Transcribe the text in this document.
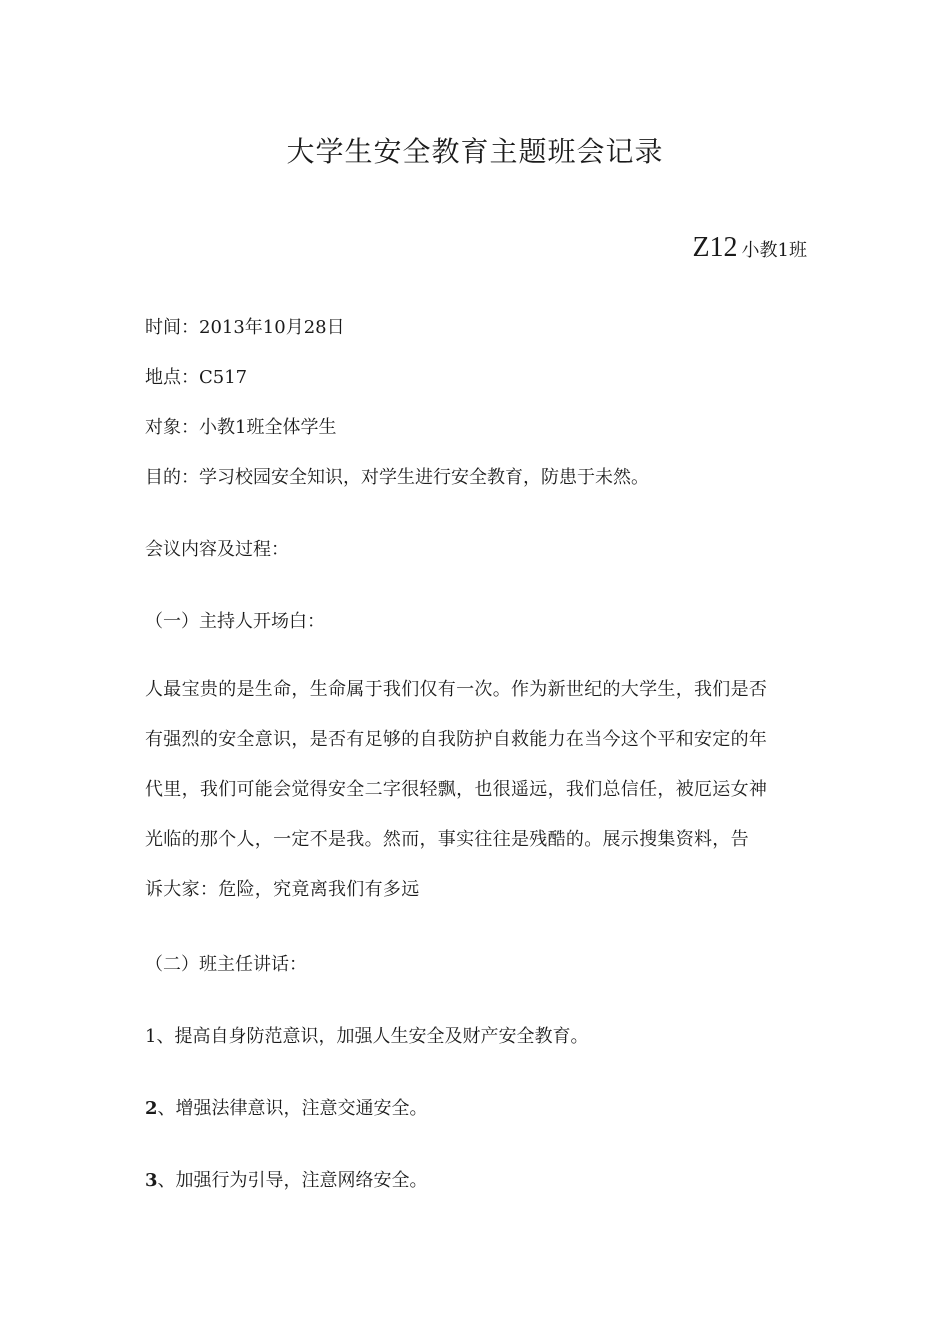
大学生安全教育主题班会记录
Z12 小教1班
时间：2013年10月28日
地点：C517
对象：小教1班全体学生
目的：学习校园安全知识，对学生进行安全教育，防患于未然。
会议内容及过程：
（一）主持人开场白：
人最宝贵的是生命，生命属于我们仅有一次。作为新世纪的大学生，我们是否
有强烈的安全意识，是否有足够的自我防护自救能力在当今这个平和安定的年
代里，我们可能会觉得安全二字很轻飘，也很遥远，我们总信任，被厄运女神
光临的那个人，一定不是我。然而，事实往往是残酷的。展示搜集资料，告
诉大家：危险，究竟离我们有多远
（二）班主任讲话：
1、提高自身防范意识，加强人生安全及财产安全教育。
2、增强法律意识，注意交通安全。
3、加强行为引导，注意网络安全。
